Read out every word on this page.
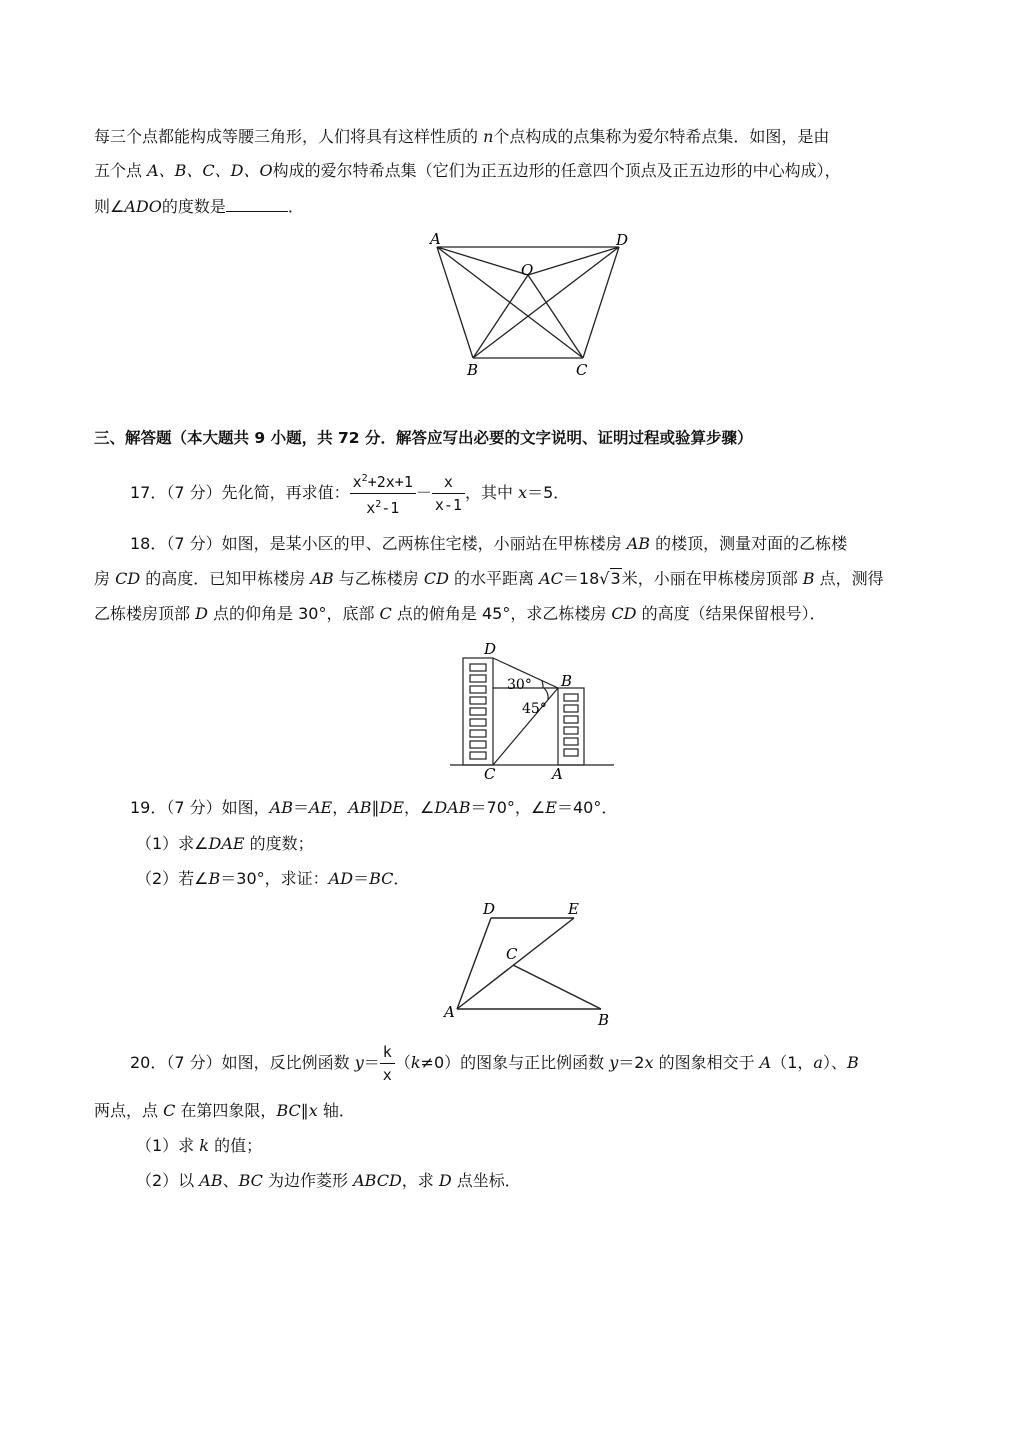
每三个点都能构成等腰三角形，人们将具有这样性质的 n个点构成的点集称为爱尔特希点集．如图，是由
五个点 A、B、C、D、O构成的爱尔特希点集（它们为正五边形的任意四个顶点及正五边形的中心构成），
则∠ADO的度数是	．
A	D
O
B	C
三、解答题（本大题共 9 小题，共 72 分．解答应写出必要的文字说明、证明过程或验算步骤）
17．（7 分）先化简，再求值： $\frac{x^2+2x+1}{x^2-1} - \frac{x}{x-1}$ ，其中 x＝5．
18．（7 分）如图，是某小区的甲、乙两栋住宅楼，小丽站在甲栋楼房 AB 的楼顶，测量对面的乙栋楼
房 CD 的高度．已知甲栋楼房 AB 与乙栋楼房 CD 的水平距离 AC＝18√3米，小丽在甲栋楼房顶部 B 点，测得
乙栋楼房顶部 D 点的仰角是 30°，底部 C 点的俯角是 45°，求乙栋楼房 CD 的高度（结果保留根号）．
D
B
C	A
30°
45°
19．（7 分）如图，AB＝AE，AB∥DE，∠DAB＝70°，∠E＝40°．
（1）求∠DAE 的度数；
（2）若∠B＝30°，求证：AD＝BC．
D	E
C
A	B
20．（7 分）如图，反比例函数 $y= \frac{k}{x} (k\ne 0)$的图象与正比例函数 y＝2x 的图象相交于 A（1，a）、B
两点，点 C 在第四象限，BC∥x 轴．
（1）求 k 的值；
（2）以 AB、BC 为边作菱形 ABCD，求 D 点坐标．
